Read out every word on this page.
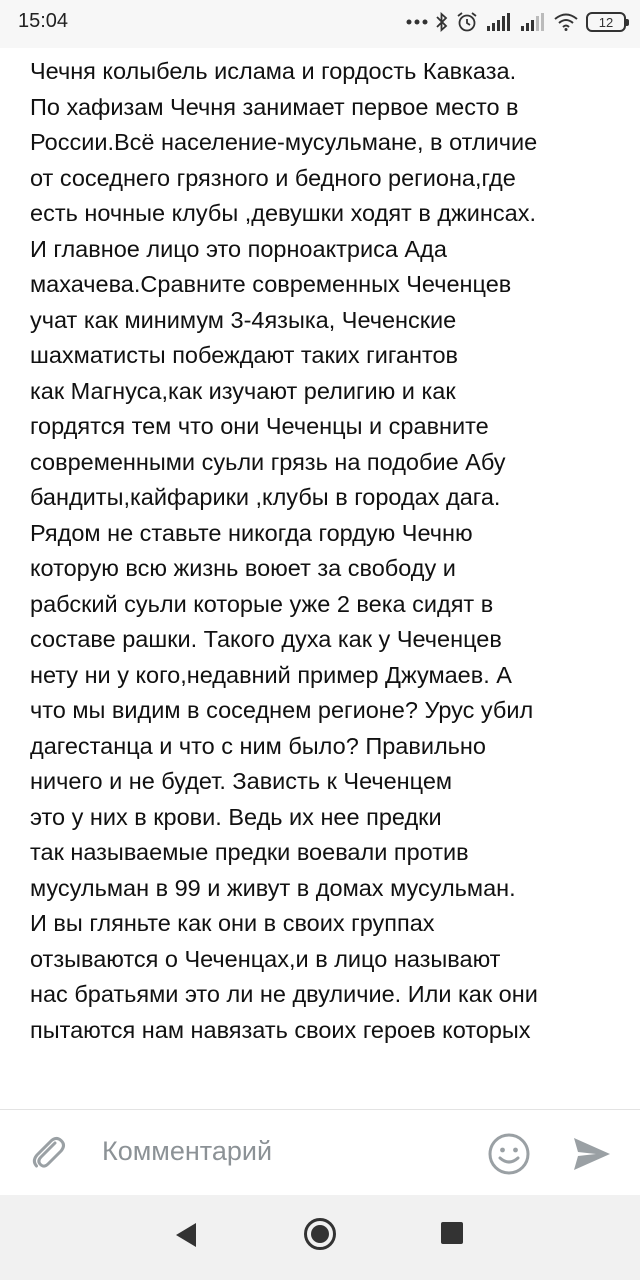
15:04	12
Чечня колыбель ислама и гордость Кавказа.
По хафизам Чечня занимает первое место в
России.Всё население-мусульмане, в отличие
от соседнего грязного и бедного региона,где
есть ночные клубы ,девушки ходят в джинсах.
И главное лицо это порноактриса Ада
махачева.Сравните современных Чеченцев
учат как минимум 3-4языка, Чеченские
шахматисты побеждают таких гигантов
как Магнуса,как изучают религию и как
гордятся тем что они Чеченцы и сравните
современными суьли грязь на подобие Абу
бандиты,кайфарики ,клубы в городах дага.
Рядом не ставьте никогда гордую Чечню
которую всю жизнь воюет за свободу и
рабский суьли которые уже 2 века сидят в
составе рашки. Такого духа как у Чеченцев
нету ни у кого,недавний пример Джумаев. А
что мы видим в соседнем регионе? Урус убил
дагестанца и что с ним было? Правильно
ничего и не будет. Зависть к Чеченцем
это у них в крови. Ведь их нее предки
так называемые предки воевали против
мусульман в 99 и живут в домах мусульман.
И вы гляньте как они в своих группах
отзываются о Чеченцах,и в лицо называют
нас братьями это ли не двуличие. Или как они
пытаются нам навязать своих героев которых
Комментарий
